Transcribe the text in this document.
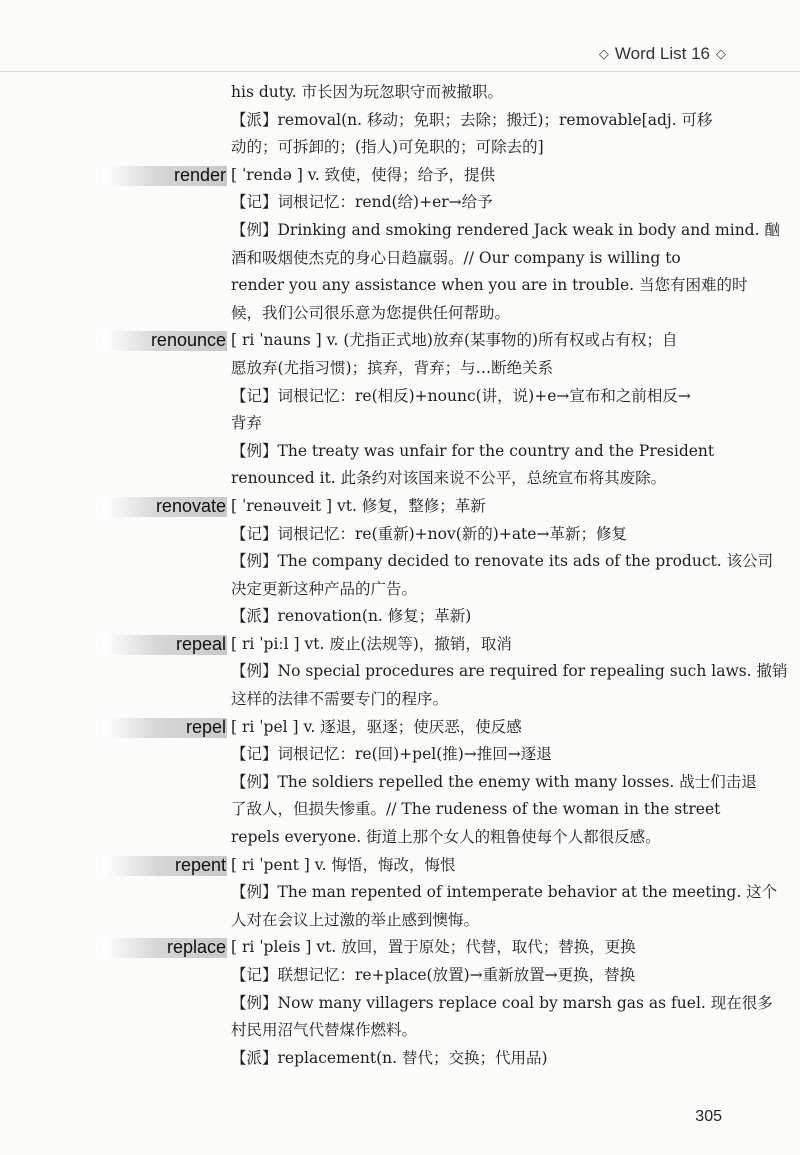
◇ Word List 16 ◇
his duty. 市长因为玩忽职守而被撤职。
【派】removal(n. 移动；免职；去除；搬迁)；removable[adj. 可移
动的；可拆卸的；(指人)可免职的；可除去的]
render [ ˈrendə ] v. 致使，使得；给予，提供
【记】词根记忆：rend(给)+er→给予
【例】Drinking and smoking rendered Jack weak in body and mind. 酗
酒和吸烟使杰克的身心日趋羸弱。// Our company is willing to
render you any assistance when you are in trouble. 当您有困难的时
候，我们公司很乐意为您提供任何帮助。
renounce [ ri ˈnauns ] v. (尤指正式地)放弃(某事物的)所有权或占有权；自
愿放弃(尤指习惯)；摈弃，背弃；与…断绝关系
【记】词根记忆：re(相反)+nounc(讲，说)+e→宣布和之前相反→
背弃
【例】The treaty was unfair for the country and the President
renounced it. 此条约对该国来说不公平，总统宣布将其废除。
renovate [ ˈrenəuveit ] vt. 修复，整修；革新
【记】词根记忆：re(重新)+nov(新的)+ate→革新；修复
【例】The company decided to renovate its ads of the product. 该公司
决定更新这种产品的广告。
【派】renovation(n. 修复；革新)
repeal [ ri ˈpiːl ] vt. 废止(法规等)，撤销，取消
【例】No special procedures are required for repealing such laws. 撤销
这样的法律不需要专门的程序。
repel [ ri ˈpel ] v. 逐退，驱逐；使厌恶，使反感
【记】词根记忆：re(回)+pel(推)→推回→逐退
【例】The soldiers repelled the enemy with many losses. 战士们击退
了敌人，但损失惨重。// The rudeness of the woman in the street
repels everyone. 街道上那个女人的粗鲁使每个人都很反感。
repent [ ri ˈpent ] v. 悔悟，悔改，悔恨
【例】The man repented of intemperate behavior at the meeting. 这个
人对在会议上过激的举止感到懊悔。
replace [ ri ˈpleis ] vt. 放回，置于原处；代替，取代；替换，更换
【记】联想记忆：re+place(放置)→重新放置→更换，替换
【例】Now many villagers replace coal by marsh gas as fuel. 现在很多
村民用沼气代替煤作燃料。
【派】replacement(n. 替代；交换；代用品)
305
